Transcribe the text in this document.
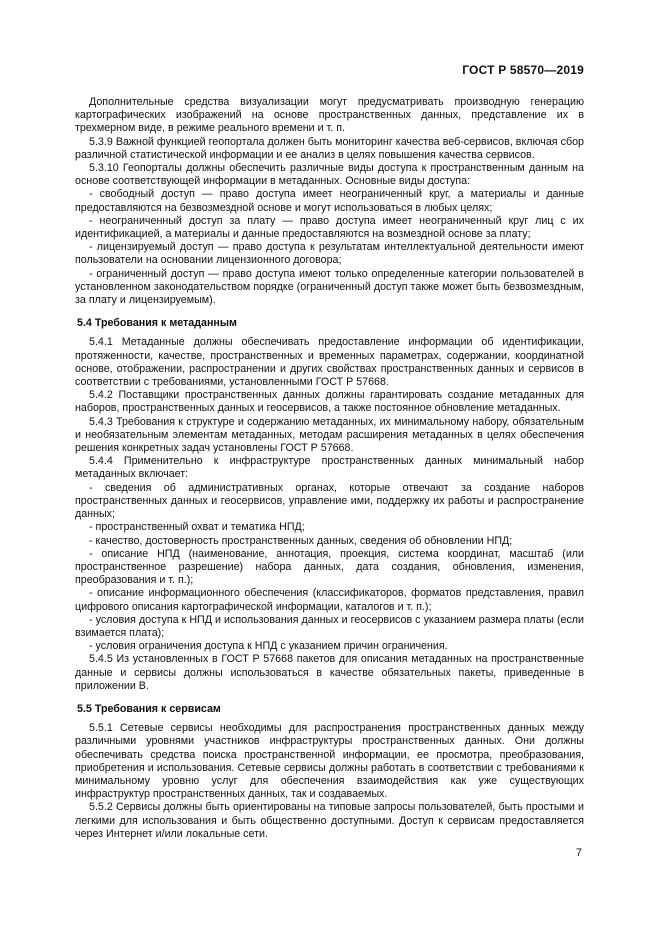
ГОСТ Р 58570—2019

Дополнительные средства визуализации могут предусматривать производную генерацию картографических изображений на основе пространственных данных, представление их в трехмерном виде, в режиме реального времени и т. п.

5.3.9 Важной функцией геопортала должен быть мониторинг качества веб-сервисов, включая сбор различной статистической информации и ее анализ в целях повышения качества сервисов.

5.3.10 Геопорталы должны обеспечить различные виды доступа к пространственным данным на основе соответствующей информации в метаданных. Основные виды доступа:

- свободный доступ — право доступа имеет неограниченный круг, а материалы и данные предоставляются на безвозмездной основе и могут использоваться в любых целях;

- неограниченный доступ за плату — право доступа имеет неограниченный круг лиц с их идентификацией, а материалы и данные предоставляются на возмездной основе за плату;

- лицензируемый доступ — право доступа к результатам интеллектуальной деятельности имеют пользователи на основании лицензионного договора;

- ограниченный доступ — право доступа имеют только определенные категории пользователей в установленном законодательством порядке (ограниченный доступ также может быть безвозмездным, за плату и лицензируемым).

5.4 Требования к метаданным

5.4.1 Метаданные должны обеспечивать предоставление информации об идентификации, протяженности, качестве, пространственных и временных параметрах, содержании, координатной основе, отображении, распространении и других свойствах пространственных данных и сервисов в соответствии с требованиями, установленными ГОСТ Р 57668.

5.4.2 Поставщики пространственных данных должны гарантировать создание метаданных для наборов, пространственных данных и геосервисов, а также постоянное обновление метаданных.

5.4.3 Требования к структуре и содержанию метаданных, их минимальному набору, обязательным и необязательным элементам метаданных, методам расширения метаданных в целях обеспечения решения конкретных задач установлены ГОСТ Р 57668.

5.4.4 Применительно к инфраструктуре пространственных данных минимальный набор метаданных включает:

- сведения об административных органах, которые отвечают за создание наборов пространственных данных и геосервисов, управление ими, поддержку их работы и распространение данных;

- пространственный охват и тематика НПД;

- качество, достоверность пространственных данных, сведения об обновлении НПД;

- описание НПД (наименование, аннотация, проекция, система координат, масштаб (или пространственное разрешение) набора данных, дата создания, обновления, изменения, преобразования и т. п.);

- описание информационного обеспечения (классификаторов, форматов представления, правил цифрового описания картографической информации, каталогов и т. п.);

- условия доступа к НПД и использования данных и геосервисов с указанием размера платы (если взимается плата);

- условия ограничения доступа к НПД с указанием причин ограничения.

5.4.5 Из установленных в ГОСТ Р 57668 пакетов для описания метаданных на пространственные данные и сервисы должны использоваться в качестве обязательных пакеты, приведенные в приложении В.

5.5 Требования к сервисам

5.5.1 Сетевые сервисы необходимы для распространения пространственных данных между различными уровнями участников инфраструктуры пространственных данных. Они должны обеспечивать средства поиска пространственной информации, ее просмотра, преобразования, приобретения и использования. Сетевые сервисы должны работать в соответствии с требованиями к минимальному уровню услуг для обеспечения взаимодействия как уже существующих инфраструктур пространственных данных, так и создаваемых.

5.5.2 Сервисы должны быть ориентированы на типовые запросы пользователей, быть простыми и легкими для использования и быть общественно доступными. Доступ к сервисам предоставляется через Интернет и/или локальные сети.

7
